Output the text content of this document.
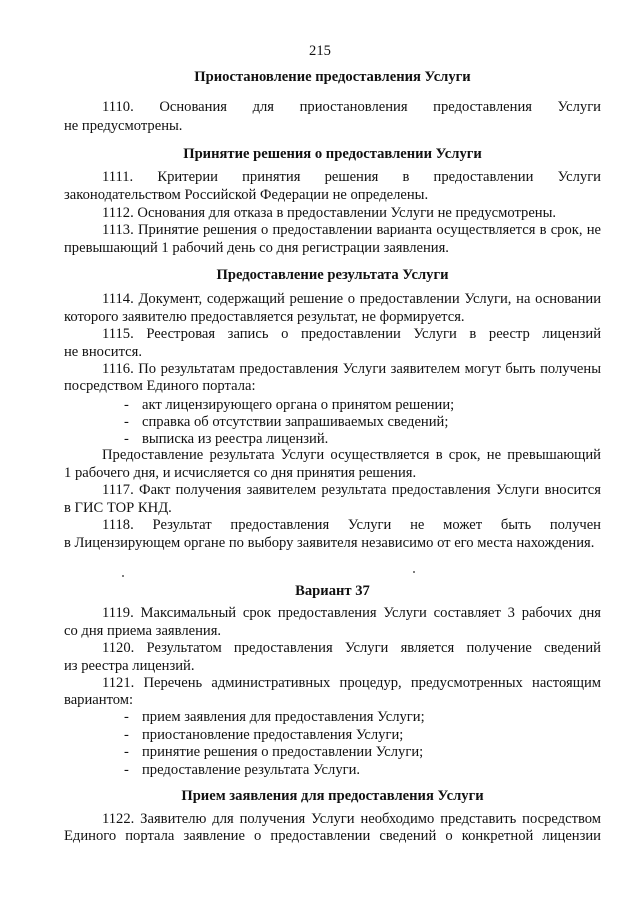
215
Приостановление предоставления Услуги
1110. Основания для приостановления предоставления Услуги
не предусмотрены.
Принятие решения о предоставлении Услуги
1111. Критерии принятия решения в предоставлении Услуги
законодательством Российской Федерации не определены.
1112. Основания для отказа в предоставлении Услуги не предусмотрены.
1113. Принятие решения о предоставлении варианта осуществляется в срок, не
превышающий 1 рабочий день со дня регистрации заявления.
Предоставление результата Услуги
1114. Документ, содержащий решение о предоставлении Услуги, на основании
которого заявителю предоставляется результат, не формируется.
1115. Реестровая запись о предоставлении Услуги в реестр лицензий
не вносится.
1116. По результатам предоставления Услуги заявителем могут быть получены
посредством Единого портала:
- акт лицензирующего органа о принятом решении;
- справка об отсутствии запрашиваемых сведений;
- выписка из реестра лицензий.
Предоставление результата Услуги осуществляется в срок, не превышающий
1 рабочего дня, и исчисляется со дня принятия решения.
1117. Факт получения заявителем результата предоставления Услуги вносится
в ГИС ТОР КНД.
1118. Результат предоставления Услуги не может быть получен
в Лицензирующем органе по выбору заявителя независимо от его места нахождения.
Вариант 37
1119. Максимальный срок предоставления Услуги составляет 3 рабочих дня
со дня приема заявления.
1120. Результатом предоставления Услуги является получение сведений
из реестра лицензий.
1121. Перечень административных процедур, предусмотренных настоящим
вариантом:
- прием заявления для предоставления Услуги;
- приостановление предоставления Услуги;
- принятие решения о предоставлении Услуги;
- предоставление результата Услуги.
Прием заявления для предоставления Услуги
1122. Заявителю для получения Услуги необходимо представить посредством
Единого портала заявление о предоставлении сведений о конкретной лицензии
